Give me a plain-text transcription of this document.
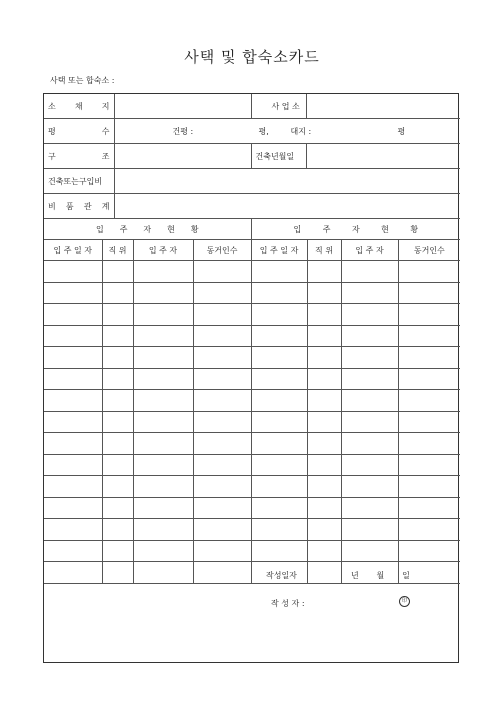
사택 및 합숙소카드
사택 또는 합숙소 :
소 채 지		사 업 소	

평 수	건평 : 평, 대지 : 평		

구 조		건축년월일	
건축또는구입비			

비 품 관 계			

입 주 자 현 황				입 주 자 현 황			

입 주 일 자	직 위	입 주 자	동거인수	입 주 일 자	직 위	입 주 자	동거인수

작성일자	년 월 일
작 성 자 :	印
